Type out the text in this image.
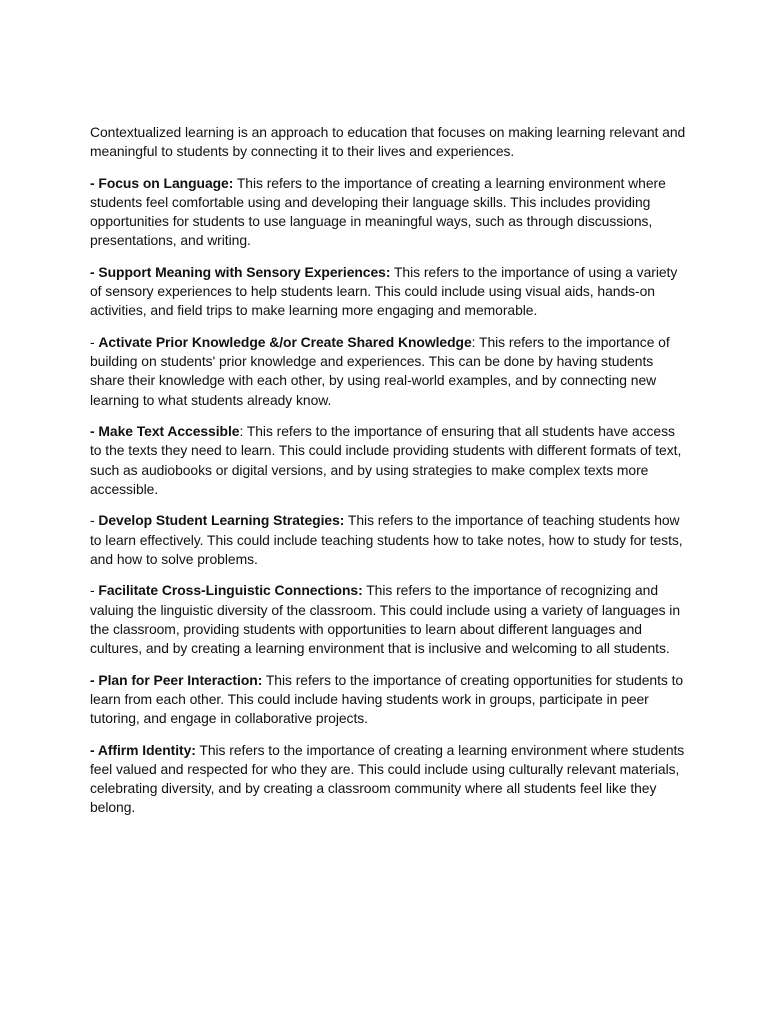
Contextualized learning is an approach to education that focuses on making learning relevant and meaningful to students by connecting it to their lives and experiences.

- Focus on Language: This refers to the importance of creating a learning environment where students feel comfortable using and developing their language skills. This includes providing opportunities for students to use language in meaningful ways, such as through discussions, presentations, and writing.

- Support Meaning with Sensory Experiences: This refers to the importance of using a variety of sensory experiences to help students learn. This could include using visual aids, hands-on activities, and field trips to make learning more engaging and memorable.

- Activate Prior Knowledge &/or Create Shared Knowledge: This refers to the importance of building on students' prior knowledge and experiences. This can be done by having students share their knowledge with each other, by using real-world examples, and by connecting new learning to what students already know.

- Make Text Accessible: This refers to the importance of ensuring that all students have access to the texts they need to learn. This could include providing students with different formats of text, such as audiobooks or digital versions, and by using strategies to make complex texts more accessible.

- Develop Student Learning Strategies: This refers to the importance of teaching students how to learn effectively. This could include teaching students how to take notes, how to study for tests, and how to solve problems.

- Facilitate Cross-Linguistic Connections: This refers to the importance of recognizing and valuing the linguistic diversity of the classroom. This could include using a variety of languages in the classroom, providing students with opportunities to learn about different languages and cultures, and by creating a learning environment that is inclusive and welcoming to all students.

- Plan for Peer Interaction: This refers to the importance of creating opportunities for students to learn from each other. This could include having students work in groups, participate in peer tutoring, and engage in collaborative projects.

- Affirm Identity: This refers to the importance of creating a learning environment where students feel valued and respected for who they are. This could include using culturally relevant materials, celebrating diversity, and by creating a classroom community where all students feel like they belong.
